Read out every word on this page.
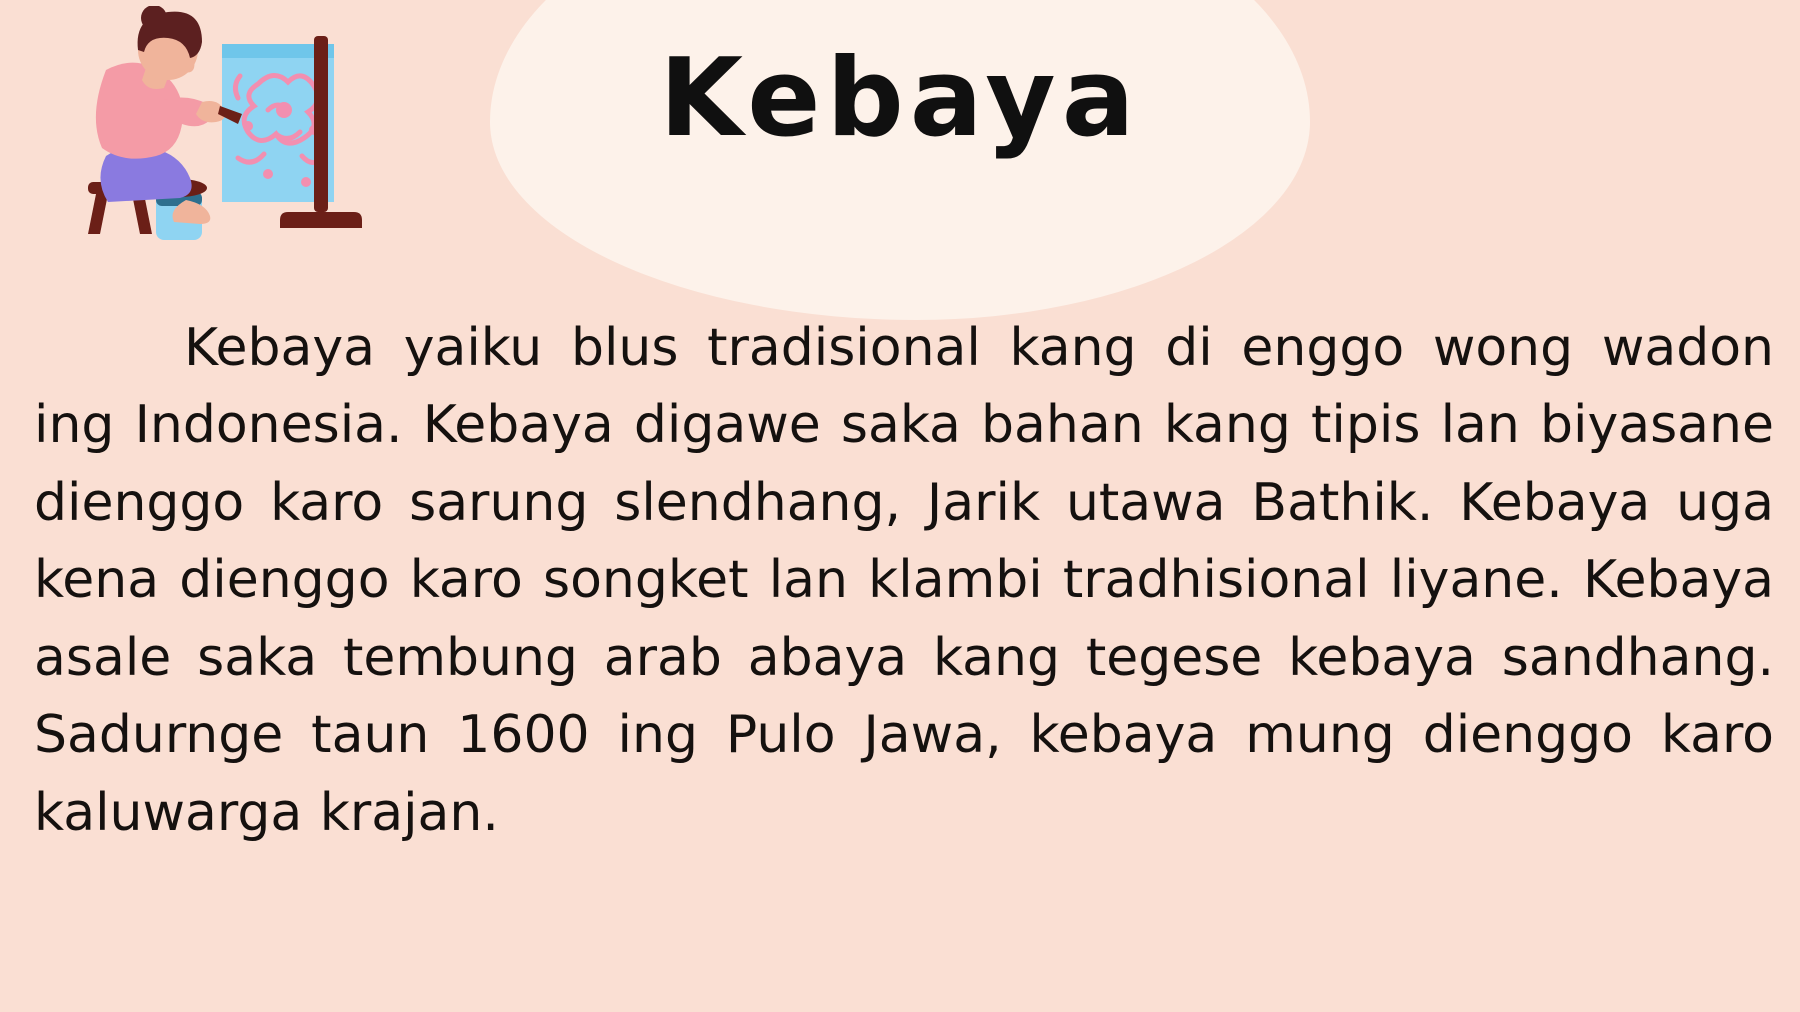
Kebaya

Kebaya yaiku blus tradisional kang di enggo wong wadon ing Indonesia. Kebaya digawe saka bahan kang tipis lan biyasane dienggo karo sarung slendhang, Jarik utawa Bathik. Kebaya uga kena dienggo karo songket lan klambi tradhisional liyane. Kebaya asale saka tembung arab abaya kang tegese kebaya sandhang. Sadurnge taun 1600 ing Pulo Jawa, kebaya mung dienggo karo kaluwarga krajan.
